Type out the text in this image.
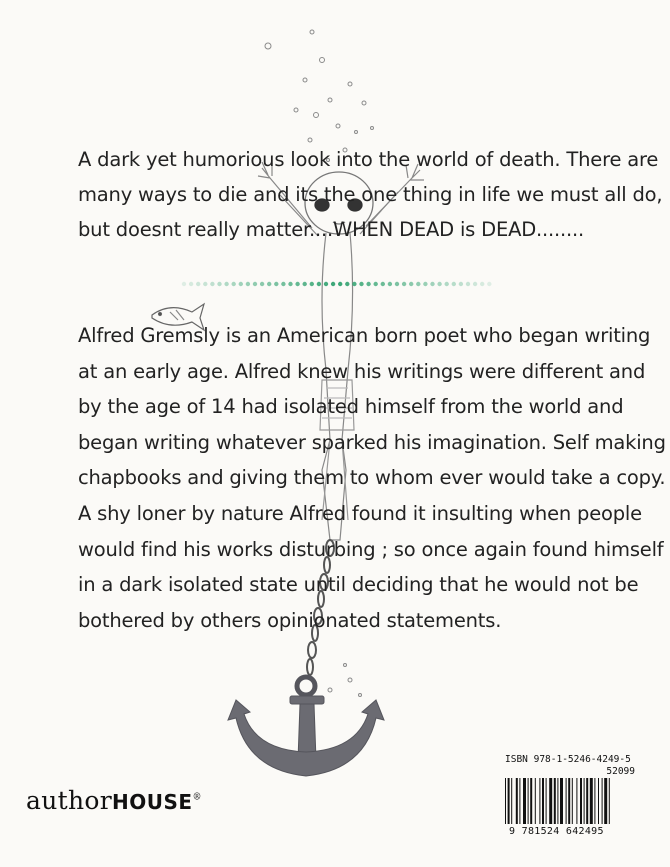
A dark yet humorious look into the world of death. There are
many ways to die and its the one thing in life we must all do,
but doesnt really matter....WHEN DEAD is DEAD........
Alfred Gremsly is an American born poet who began writing
at an early age. Alfred knew his writings were different and
by the age of 14 had isolated himself from the world and
began writing whatever sparked his imagination. Self making
chapbooks and giving them to whom ever would take a copy.
A shy loner by nature Alfred found it insulting when people
would find his works disturbing ; so once again found himself
in a dark isolated state until deciding that he would not be
bothered by others opinionated statements.
authorHOUSE®
ISBN 978-1-5246-4249-5
52099
9 781524 642495
